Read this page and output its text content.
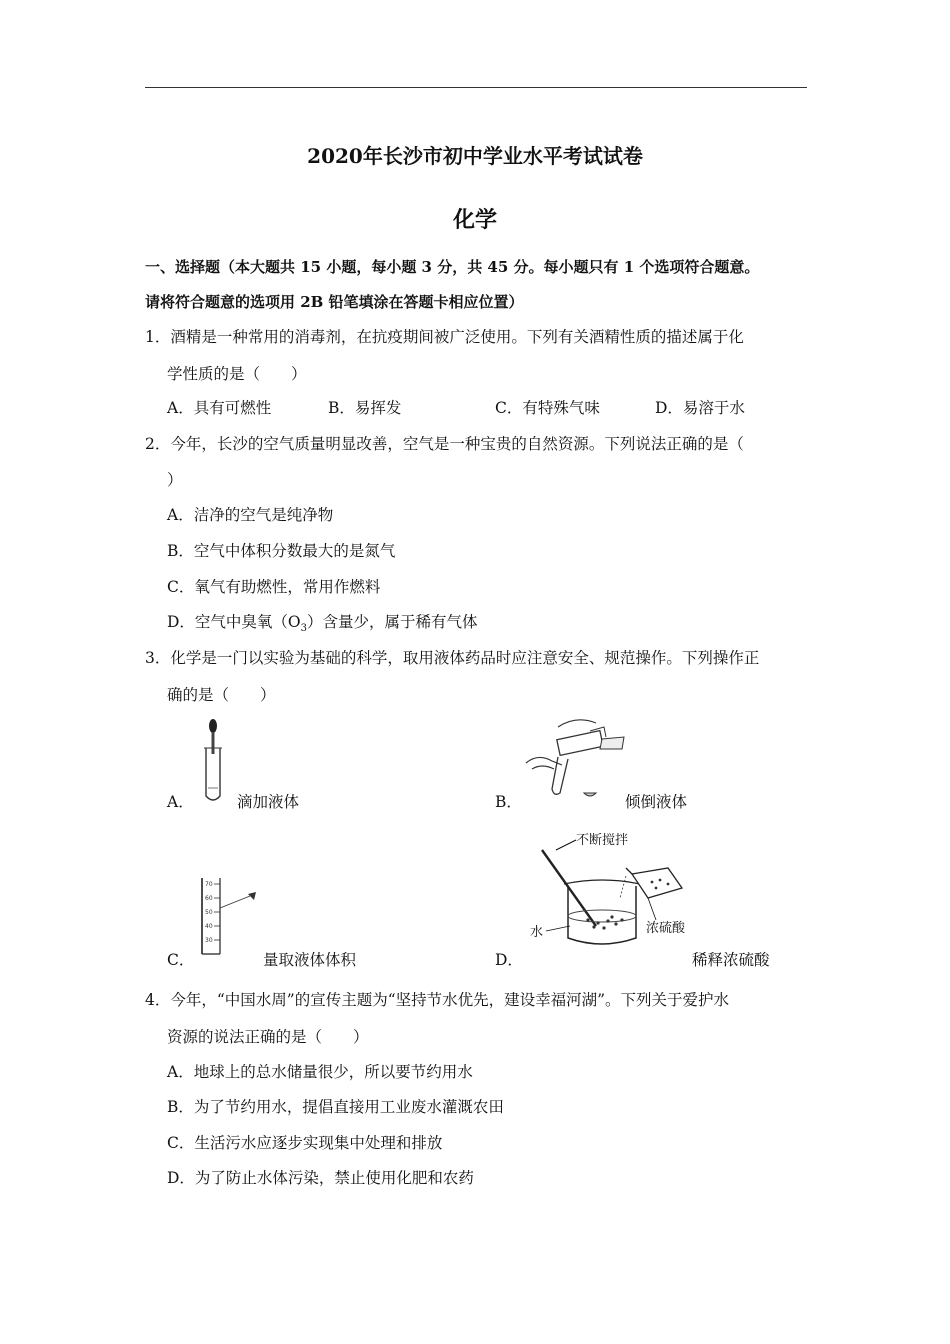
2020年长沙市初中学业水平考试试卷
化学
一、选择题（本大题共 15 小题，每小题 3 分，共 45 分。每小题只有 1 个选项符合题意。
请将符合题意的选项用 2B 铅笔填涂在答题卡相应位置）
1．酒精是一种常用的消毒剂，在抗疫期间被广泛使用。下列有关酒精性质的描述属于化
学性质的是（　　）
A．具有可燃性	B．易挥发	C．有特殊气味	D．易溶于水
2．今年，长沙的空气质量明显改善，空气是一种宝贵的自然资源。下列说法正确的是（
）
A．洁净的空气是纯净物
B．空气中体积分数最大的是氮气
C．氧气有助燃性，常用作燃料
D．空气中臭氧$(O_3)$含量少，属于稀有气体
3．化学是一门以实验为基础的科学，取用液体药品时应注意安全、规范操作。下列操作正
确的是（　　）
A．	滴加液体	B．	倾倒液体
70
60
50
40
30
C．	量取液体体积
不断搅拌
浓硫酸
水
D．	稀释浓硫酸
4．今年，“中国水周”的宣传主题为“坚持节水优先，建设幸福河湖”。下列关于爱护水
资源的说法正确的是（　　）
A．地球上的总水储量很少，所以要节约用水
B．为了节约用水，提倡直接用工业废水灌溉农田
C．生活污水应逐步实现集中处理和排放
D．为了防止水体污染，禁止使用化肥和农药
